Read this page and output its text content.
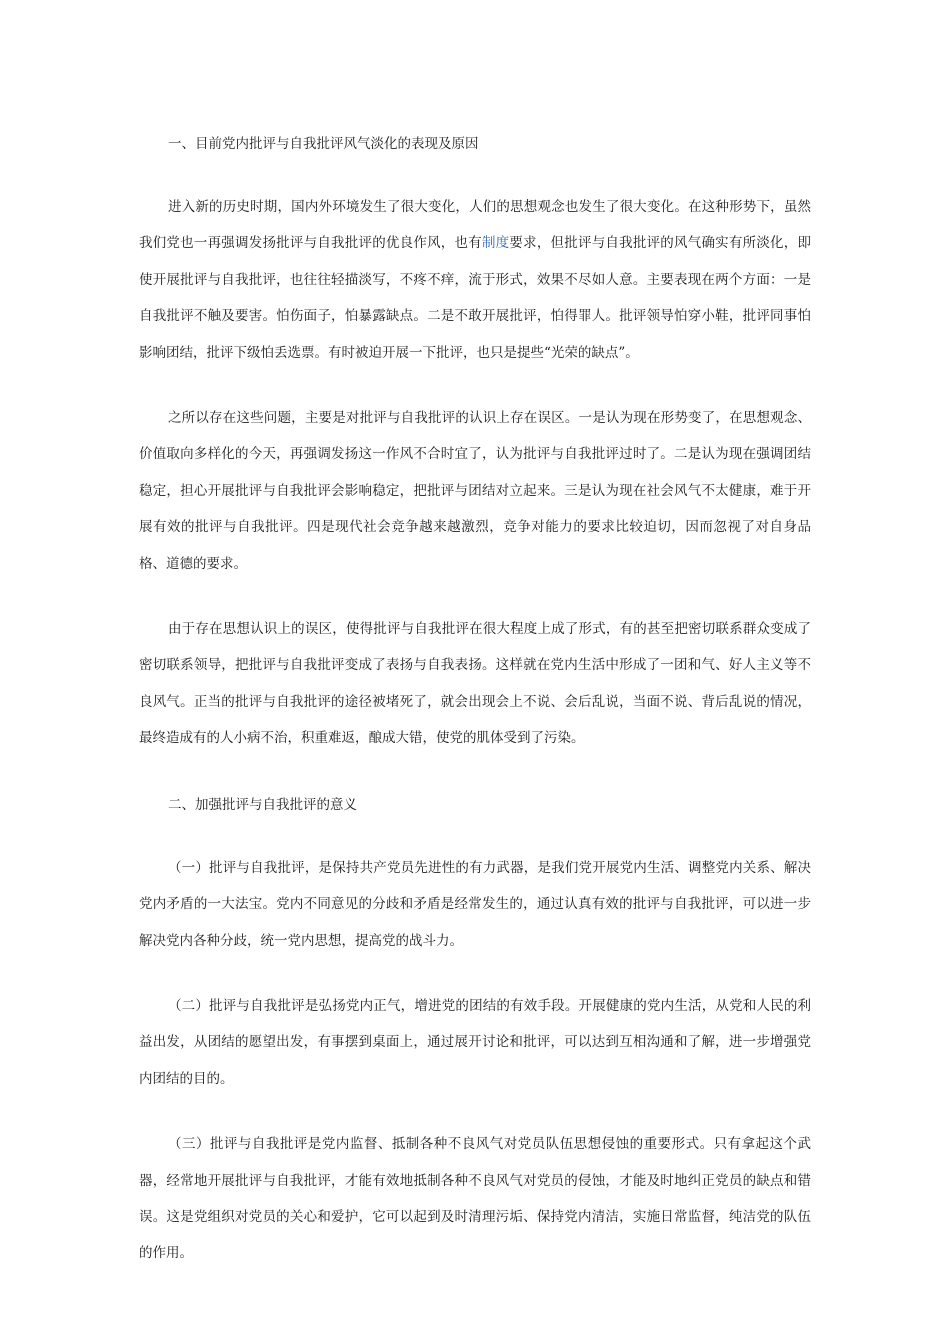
一、目前党内批评与自我批评风气淡化的表现及原因

进入新的历史时期，国内外环境发生了很大变化，人们的思想观念也发生了很大变化。在这种形势下，虽然我们党也一再强调发扬批评与自我批评的优良作风，也有制度要求，但批评与自我批评的风气确实有所淡化，即使开展批评与自我批评，也往往轻描淡写，不疼不痒，流于形式，效果不尽如人意。主要表现在两个方面：一是自我批评不触及要害。怕伤面子，怕暴露缺点。二是不敢开展批评，怕得罪人。批评领导怕穿小鞋，批评同事怕影响团结，批评下级怕丢选票。有时被迫开展一下批评，也只是提些“光荣的缺点”。

之所以存在这些问题，主要是对批评与自我批评的认识上存在误区。一是认为现在形势变了，在思想观念、价值取向多样化的今天，再强调发扬这一作风不合时宜了，认为批评与自我批评过时了。二是认为现在强调团结稳定，担心开展批评与自我批评会影响稳定，把批评与团结对立起来。三是认为现在社会风气不太健康，难于开展有效的批评与自我批评。四是现代社会竞争越来越激烈，竞争对能力的要求比较迫切，因而忽视了对自身品格、道德的要求。

由于存在思想认识上的误区，使得批评与自我批评在很大程度上成了形式，有的甚至把密切联系群众变成了密切联系领导，把批评与自我批评变成了表扬与自我表扬。这样就在党内生活中形成了一团和气、好人主义等不良风气。正当的批评与自我批评的途径被堵死了，就会出现会上不说、会后乱说，当面不说、背后乱说的情况，最终造成有的人小病不治，积重难返，酿成大错，使党的肌体受到了污染。

二、加强批评与自我批评的意义

（一）批评与自我批评，是保持共产党员先进性的有力武器，是我们党开展党内生活、调整党内关系、解决党内矛盾的一大法宝。党内不同意见的分歧和矛盾是经常发生的，通过认真有效的批评与自我批评，可以进一步解决党内各种分歧，统一党内思想，提高党的战斗力。

（二）批评与自我批评是弘扬党内正气，增进党的团结的有效手段。开展健康的党内生活，从党和人民的利益出发，从团结的愿望出发，有事摆到桌面上，通过展开讨论和批评，可以达到互相沟通和了解，进一步增强党内团结的目的。

（三）批评与自我批评是党内监督、抵制各种不良风气对党员队伍思想侵蚀的重要形式。只有拿起这个武器，经常地开展批评与自我批评，才能有效地抵制各种不良风气对党员的侵蚀，才能及时地纠正党员的缺点和错误。这是党组织对党员的关心和爱护，它可以起到及时清理污垢、保持党内清洁，实施日常监督，纯洁党的队伍的作用。
